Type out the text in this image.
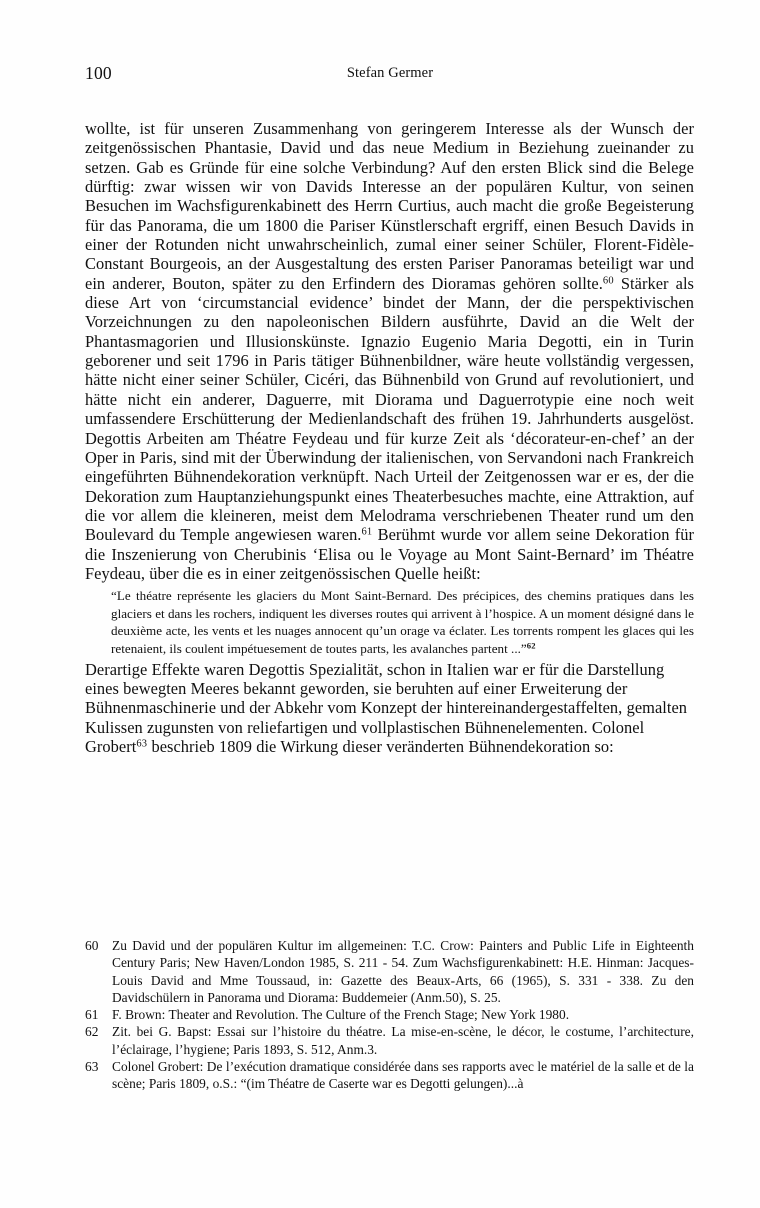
100	Stefan Germer

wollte, ist für unseren Zusammenhang von geringerem Interesse als der Wunsch der zeitgenössischen Phantasie, David und das neue Medium in Beziehung zueinander zu setzen. Gab es Gründe für eine solche Verbindung? Auf den ersten Blick sind die Belege dürftig: zwar wissen wir von Davids Interesse an der populären Kultur, von seinen Besuchen im Wachsfigurenkabinett des Herrn Curtius, auch macht die große Begeisterung für das Panorama, die um 1800 die Pariser Künstlerschaft ergriff, einen Besuch Davids in einer der Rotunden nicht unwahrscheinlich, zumal einer seiner Schüler, Florent-Fidèle-Constant Bourgeois, an der Ausgestaltung des ersten Pariser Panoramas beteiligt war und ein anderer, Bouton, später zu den Erfindern des Dioramas gehören sollte.$^{60}$ Stärker als diese Art von ‘circumstancial evidence’ bindet der Mann, der die perspektivischen Vorzeichnungen zu den napoleonischen Bildern ausführte, David an die Welt der Phantasmagorien und Illusionskünste. Ignazio Eugenio Maria Degotti, ein in Turin geborener und seit 1796 in Paris tätiger Bühnenbildner, wäre heute vollständig vergessen, hätte nicht einer seiner Schüler, Cicéri, das Bühnenbild von Grund auf revolutioniert, und hätte nicht ein anderer, Daguerre, mit Diorama und Daguerrotypie eine noch weit umfassendere Erschütterung der Medienlandschaft des frühen 19. Jahrhunderts ausgelöst. Degottis Arbeiten am Théatre Feydeau und für kurze Zeit als ‘décorateur-en-chef’ an der Oper in Paris, sind mit der Überwindung der italienischen, von Servandoni nach Frankreich eingeführten Bühnendekoration verknüpft. Nach Urteil der Zeitgenossen war er es, der die Dekoration zum Hauptanziehungspunkt eines Theaterbesuches machte, eine Attraktion, auf die vor allem die kleineren, meist dem Melodrama verschriebenen Theater rund um den Boulevard du Temple angewiesen waren.$^{61}$ Berühmt wurde vor allem seine Dekoration für die Inszenierung von Cherubinis ‘Elisa ou le Voyage au Mont Saint-Bernard’ im Théatre Feydeau, über die es in einer zeitgenössischen Quelle heißt:

“Le théatre représente les glaciers du Mont Saint-Bernard. Des précipices, des chemins pratiques dans les glaciers et dans les rochers, indiquent les diverses routes qui arrivent à l’hospice. A un moment désigné dans le deuxième acte, les vents et les nuages annocent qu’un orage va éclater. Les torrents rompent les glaces qui les retenaient, ils coulent impétuesement de toutes parts, les avalanches partent ...”$^{62}$

Derartige Effekte waren Degottis Spezialität, schon in Italien war er für die Darstellung eines bewegten Meeres bekannt geworden, sie beruhten auf einer Erweiterung der Bühnenmaschinerie und der Abkehr vom Konzept der hintereinandergestaffelten, gemalten Kulissen zugunsten von reliefartigen und vollplastischen Bühnenelementen. Colonel Grobert$^{63}$ beschrieb 1809 die Wirkung dieser veränderten Bühnendekoration so:

60	Zu David und der populären Kultur im allgemeinen: T.C. Crow: Painters and Public Life in Eighteenth Century Paris; New Haven/London 1985, S. 211 - 54. Zum Wachsfigurenkabinett: H.E. Hinman: Jacques-Louis David and Mme Toussaud, in: Gazette des Beaux-Arts, 66 (1965), S. 331 - 338. Zu den Davidschülern in Panorama und Diorama: Buddemeier (Anm.50), S. 25.
61	F. Brown: Theater and Revolution. The Culture of the French Stage; New York 1980.
62	Zit. bei G. Bapst: Essai sur l’histoire du théatre. La mise-en-scène, le décor, le costume, l’architecture, l’éclairage, l’hygiene; Paris 1893, S. 512, Anm.3.
63	Colonel Grobert: De l’exécution dramatique considérée dans ses rapports avec le matériel de la salle et de la scène; Paris 1809, o.S.: “(im Théatre de Caserte war es Degotti gelungen)...à
